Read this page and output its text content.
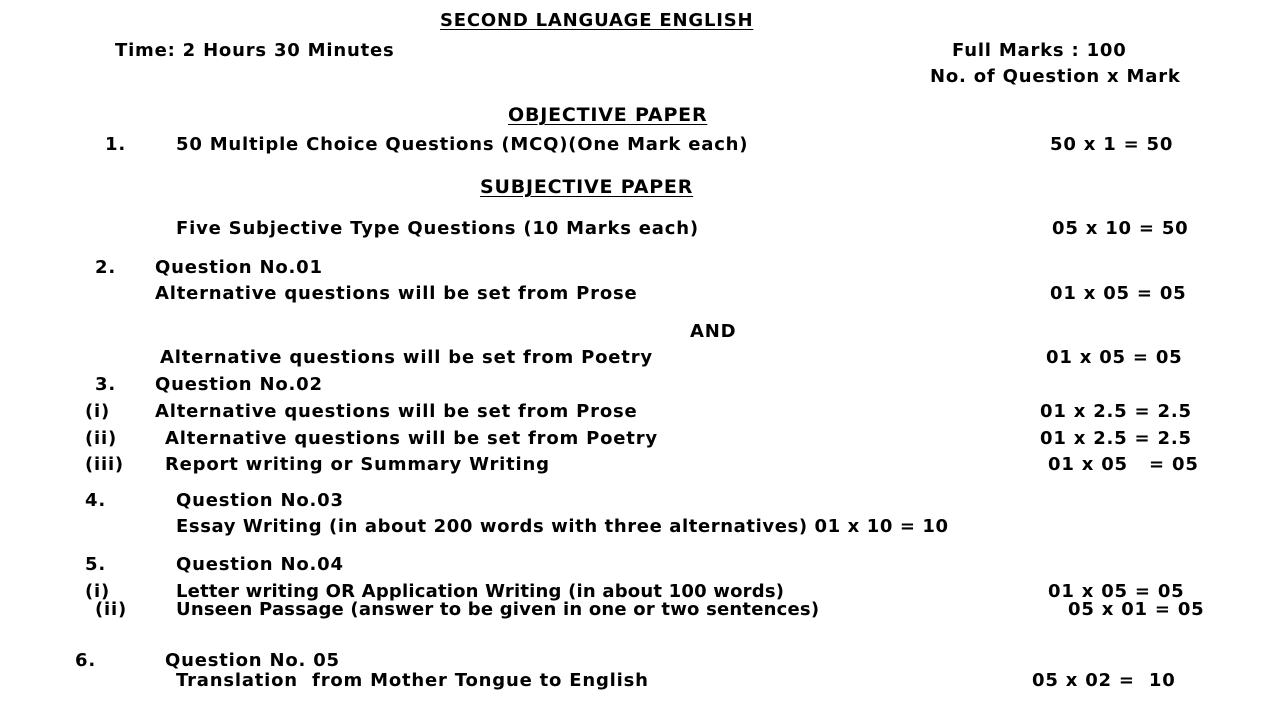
SECOND LANGUAGE ENGLISH
Time: 2 Hours 30 Minutes	Full Marks : 100
No. of Question x Mark
OBJECTIVE PAPER
1.	50 Multiple Choice Questions (MCQ)(One Mark each)	50 x 1 = 50
SUBJECTIVE PAPER
Five Subjective Type Questions (10 Marks each)	05 x 10 = 50
2. Question No.01
Alternative questions will be set from Prose	01 x 05 = 05
AND
Alternative questions will be set from Poetry	01 x 05 = 05
3. Question No.02
(i) Alternative questions will be set from Prose	01 x 2.5 = 2.5
(ii)	Alternative questions will be set from Poetry	01 x 2.5 = 2.5
(iii) Report writing or Summary Writing	01 x 05   = 05
4.	Question No.03
Essay Writing (in about 200 words with three alternatives) 01 x 10 = 10
5.	Question No.04
(i)	Letter writing OR Application Writing (in about 100 words)	01 x 05 = 05
(ii)	Unseen Passage (answer to be given in one or two sentences)	05 x 01 = 05
6.	Question No. 05
Translation  from Mother Tongue to English	05 x 02 =  10
